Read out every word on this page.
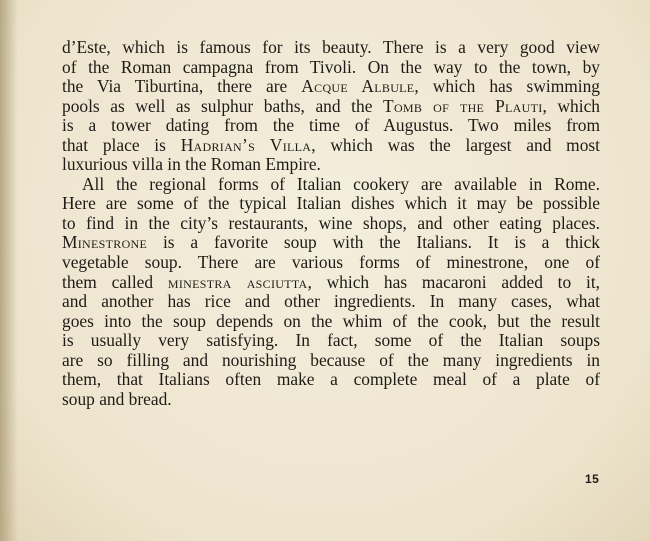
d’Este, which is famous for its beauty. There is a very good view
of the Roman campagna from Tivoli. On the way to the town, by
the Via Tiburtina, there are Acque Albule, which has swimming
pools as well as sulphur baths, and the Tomb of the Plauti, which
is a tower dating from the time of Augustus. Two miles from
that place is Hadrian’s Villa, which was the largest and most
luxurious villa in the Roman Empire.
All the regional forms of Italian cookery are available in Rome.
Here are some of the typical Italian dishes which it may be possible
to find in the city’s restaurants, wine shops, and other eating places.
Minestrone is a favorite soup with the Italians. It is a thick
vegetable soup. There are various forms of minestrone, one of
them called minestra asciutta, which has macaroni added to it,
and another has rice and other ingredients. In many cases, what
goes into the soup depends on the whim of the cook, but the result
is usually very satisfying. In fact, some of the Italian soups
are so filling and nourishing because of the many ingredients in
them, that Italians often make a complete meal of a plate of
soup and bread.
15
